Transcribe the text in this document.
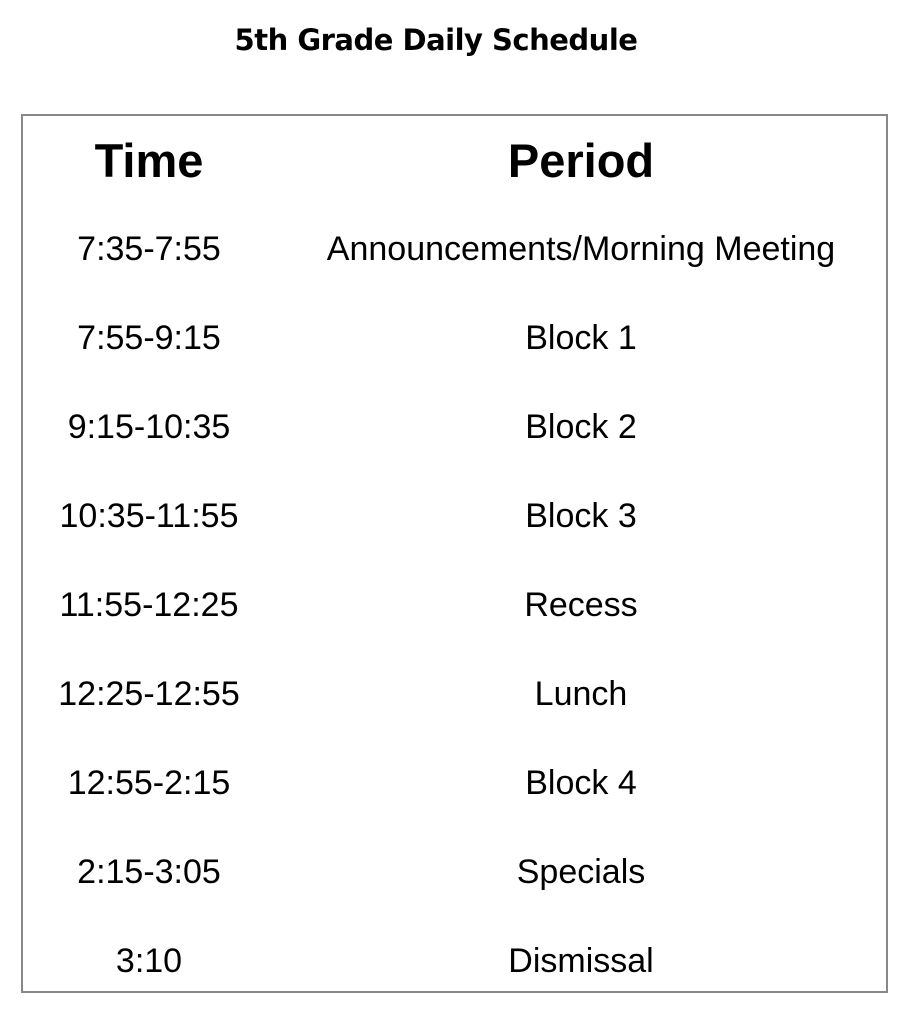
5th Grade Daily Schedule
Time	Period
7:35-7:55	Announcements/Morning Meeting
7:55-9:15	Block 1
9:15-10:35	Block 2
10:35-11:55	Block 3
11:55-12:25	Recess
12:25-12:55	Lunch
12:55-2:15	Block 4
2:15-3:05	Specials
3:10	Dismissal
